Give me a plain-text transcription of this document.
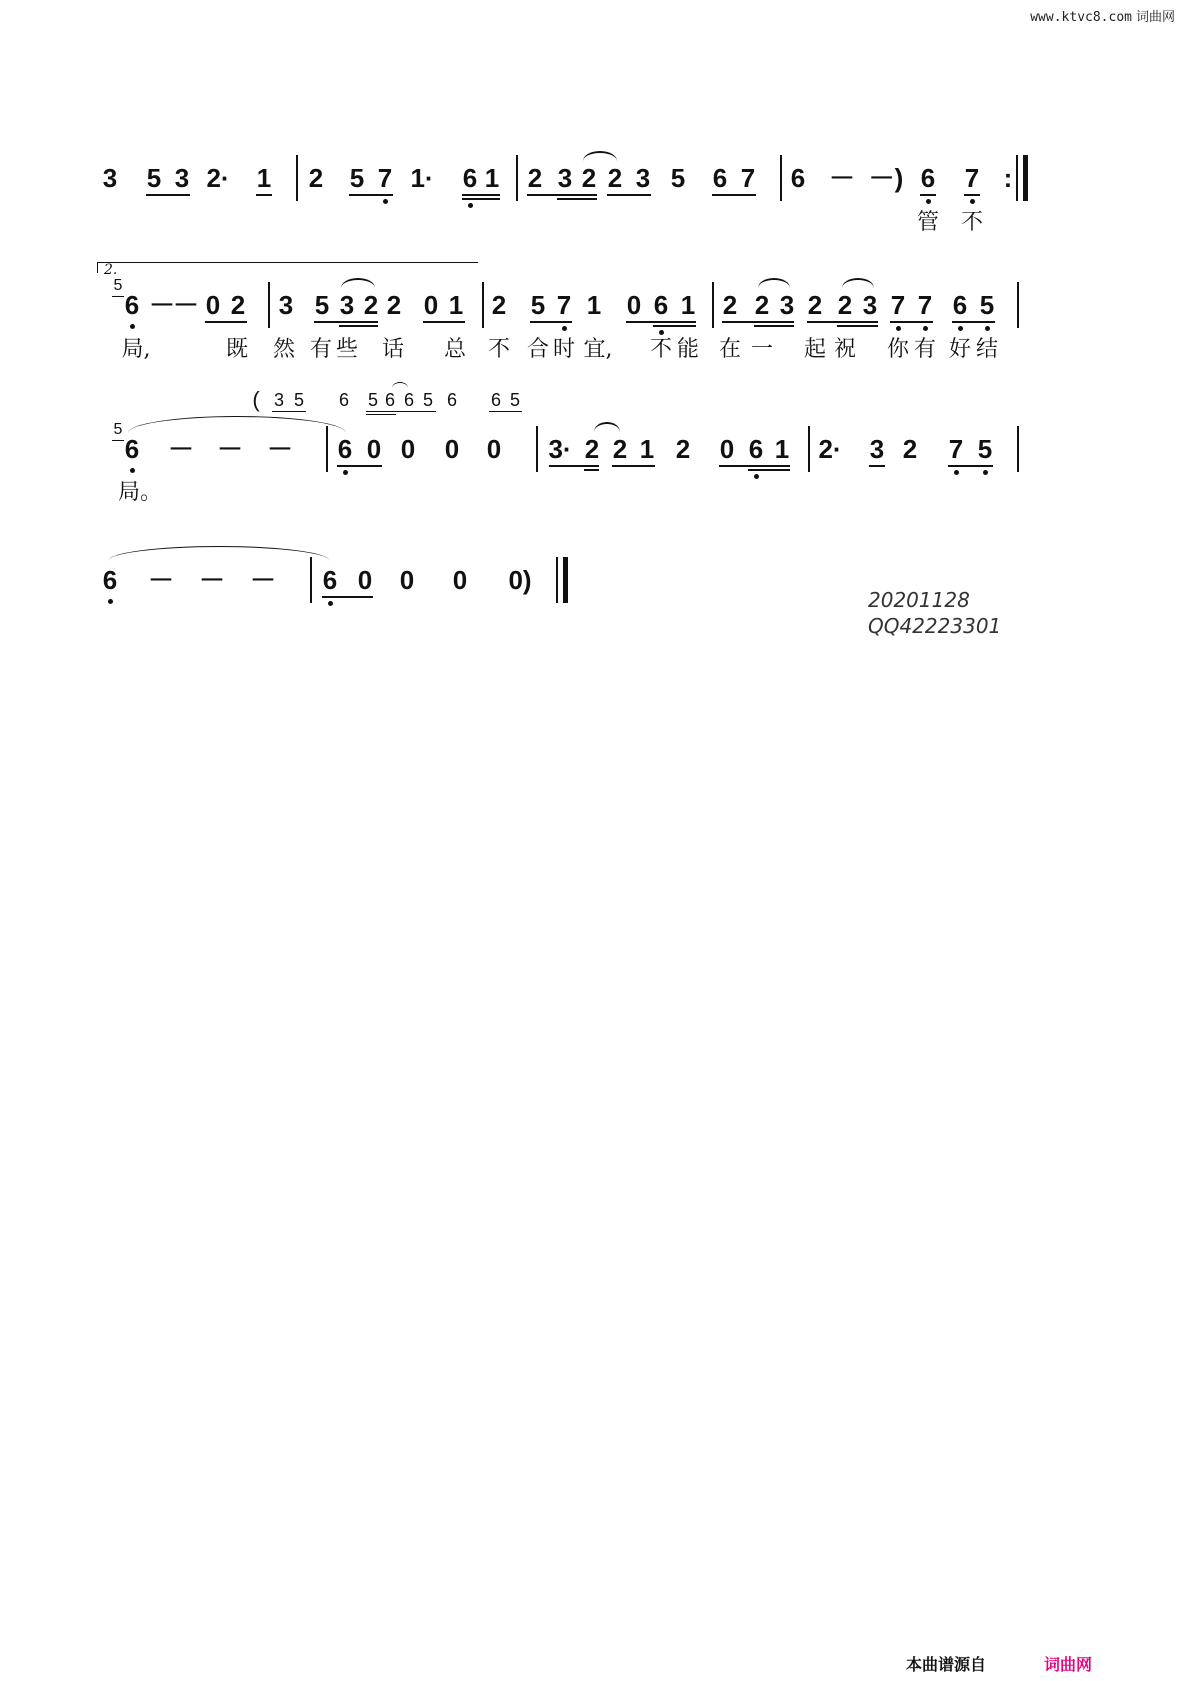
www.ktvc8.com 词曲网
3 5 3 2· 1 2 5 7 1· 6 1 2 3 2 2 3 5 6 7 6 － －) 6 7 :
管 不
2.
5
6 －
－ 0 2 3 5 3 2 2 0 1 2 5 7 1 0 6 1 2 2 3 2 2 3 7 7 6 5
局,	既 然 有 些 话 总 不 合 时 宜, 不 能 在 一 起 祝 你 有 好 结
( 3 5 6 5 6 6 5 6 6 5
5
6 － － － 6 0 0 0 0 3· 2 2 1 2 0 6 1 2· 3 2 7 5
局。
6 － － － 6 0 0 0 0)
20201128
QQ42223301
本曲谱源自	词曲网
